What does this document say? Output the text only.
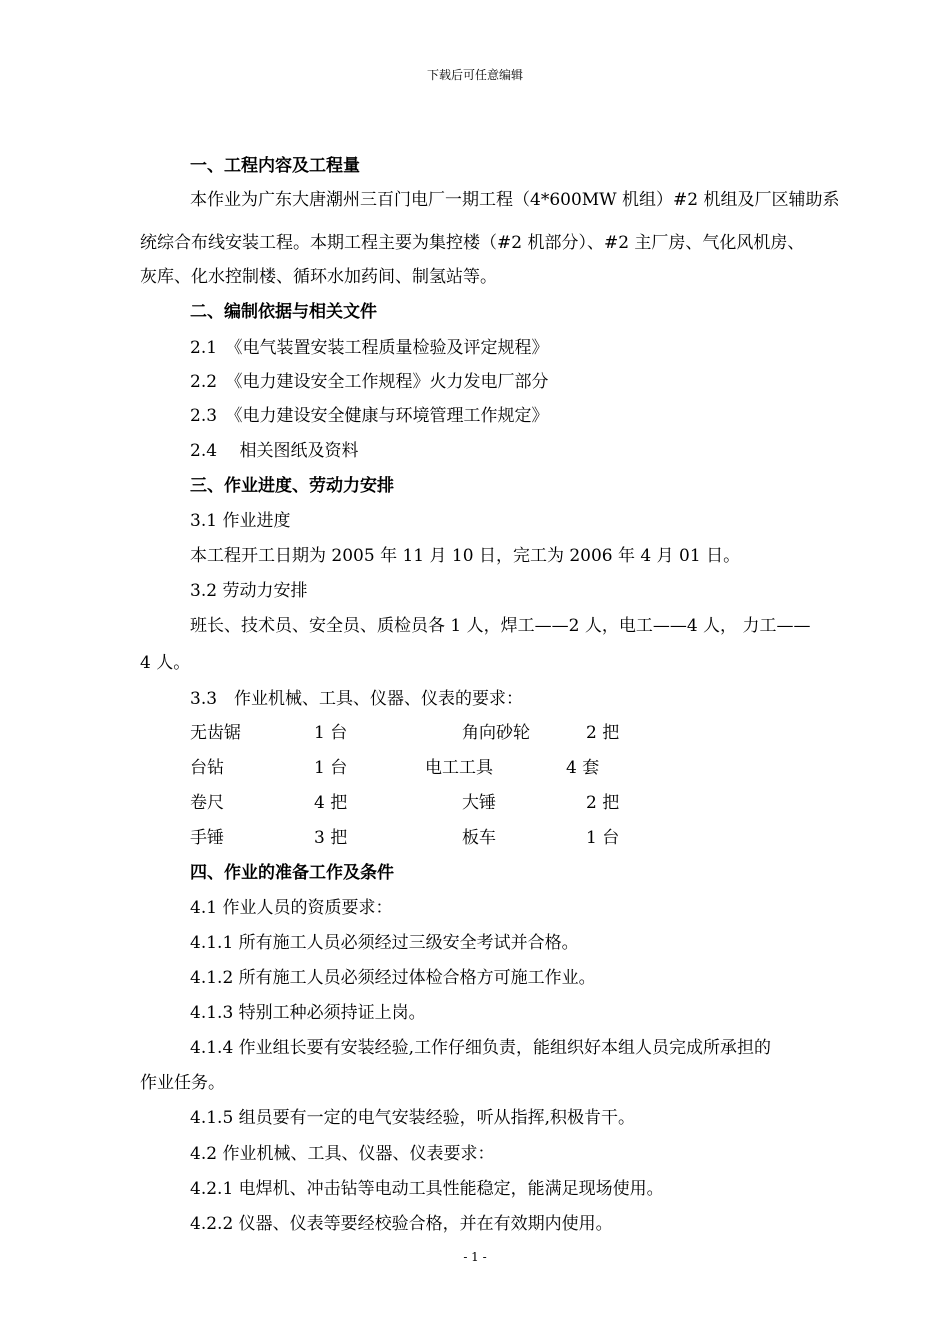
下载后可任意编辑
一、工程内容及工程量
本作业为广东大唐潮州三百门电厂一期工程（4*600MW 机组）#2 机组及厂区辅助系
统综合布线安装工程。本期工程主要为集控楼（#2 机部分）、#2 主厂房、气化风机房、
灰库、化水控制楼、循环水加药间、制氢站等。
二、编制依据与相关文件
2.1　《电气装置安装工程质量检验及评定规程》
2.2　《电力建设安全工作规程》火力发电厂部分
2.3　《电力建设安全健康与环境管理工作规定》
2.4　 相关图纸及资料
三、作业进度、劳动力安排
3.1 作业进度
本工程开工日期为 2005 年 11 月 10 日，完工为 2006 年 4 月 01 日。
3.2 劳动力安排
班长、技术员、安全员、质检员各 1 人，焊工——2 人，电工——4 人， 力工——
4 人。
3.3　作业机械、工具、仪器、仪表的要求：
无齿锯	1 台	角向砂轮	2 把
台钻	1 台	电工工具	4 套
卷尺	4 把	大锤	2 把
手锤	3 把	板车	1 台
四、作业的准备工作及条件
4.1 作业人员的资质要求：
4.1.1 所有施工人员必须经过三级安全考试并合格。
4.1.2 所有施工人员必须经过体检合格方可施工作业。
4.1.3 特别工种必须持证上岗。
4.1.4 作业组长要有安装经验,工作仔细负责，能组织好本组人员完成所承担的
作业任务。
4.1.5 组员要有一定的电气安装经验，听从指挥,积极肯干。
4.2 作业机械、工具、仪器、仪表要求：
4.2.1 电焊机、冲击钻等电动工具性能稳定，能满足现场使用。
4.2.2 仪器、仪表等要经校验合格，并在有效期内使用。
- 1 -
